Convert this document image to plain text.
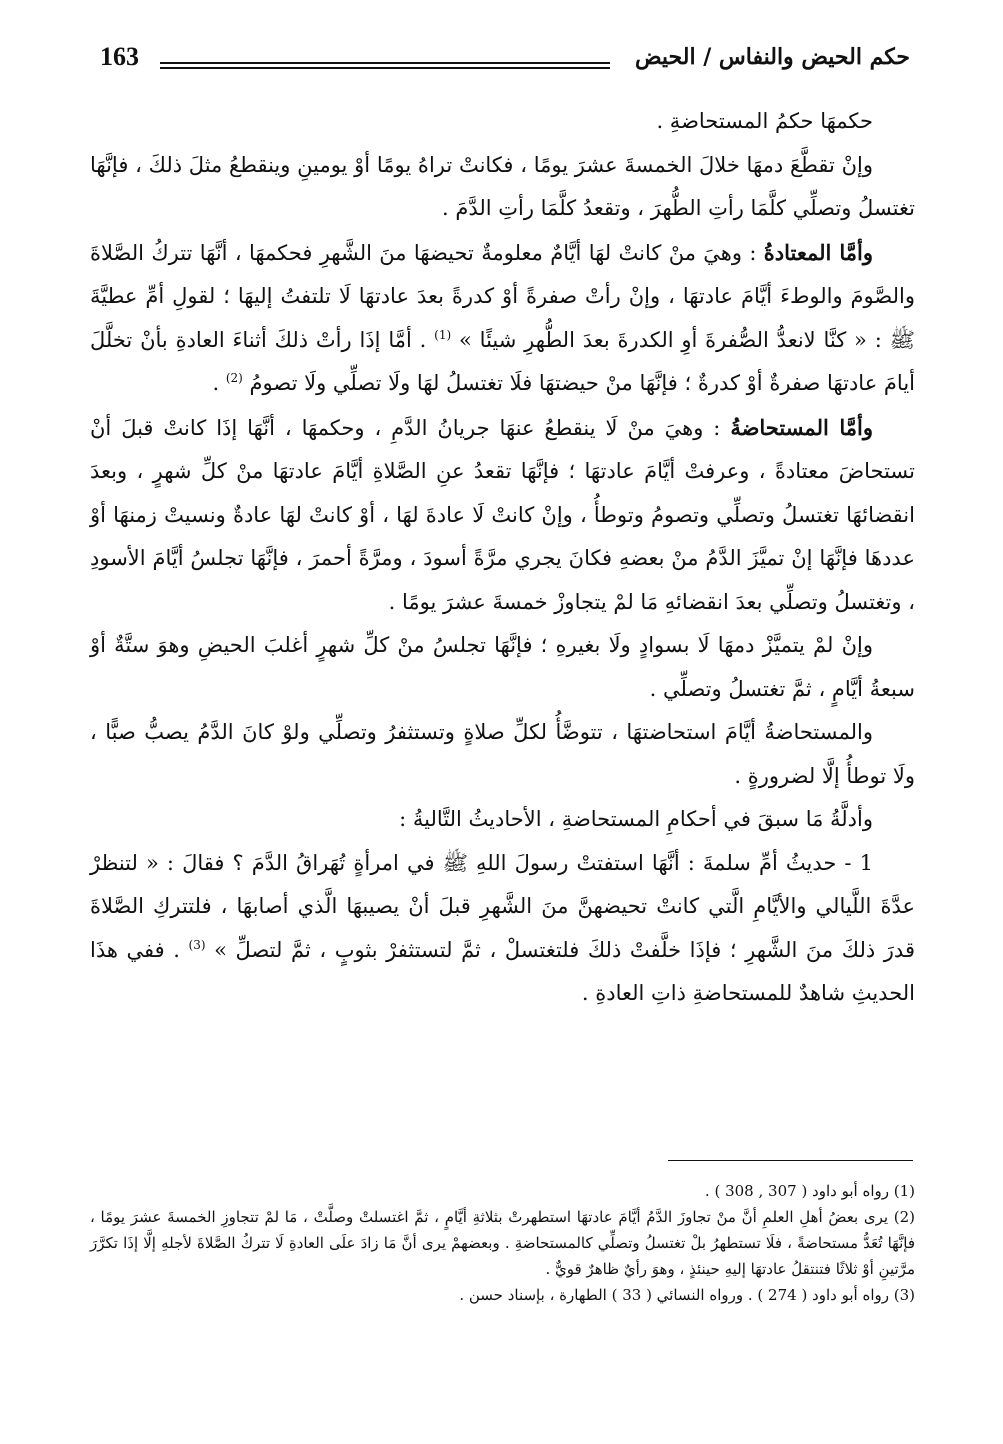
حكم الحيض والنفاس / الحيض
163

حكمهَا حكمُ المستحاضةِ .

وإنْ تقطَّعَ دمهَا خلالَ الخمسةَ عشرَ يومًا ، فكانتْ تراهُ يومًا أوْ يومينِ وينقطعُ مثلَ ذلكَ ، فإنَّهَا تغتسلُ وتصلِّي كلَّمَا رأتِ الطُّهرَ ، وتقعدُ كلَّمَا رأتِ الدَّمَ .

وأمَّا المعتادةُ : وهيَ منْ كانتْ لهَا أيَّامٌ معلومةٌ تحيضهَا منَ الشَّهرِ فحكمهَا ، أنَّهَا تتركُ الصَّلاةَ والصَّومَ والوطءَ أيَّامَ عادتهَا ، وإنْ رأتْ صفرةً أوْ كدرةً بعدَ عادتهَا لَا تلتفتُ إليهَا ؛ لقولِ أمِّ عطيَّةَ ﷺ : « كنَّا لانعدُّ الصُّفرةَ أوِ الكدرةَ بعدَ الطُّهرِ شيئًا » $^{(1)}$ . أمَّا إذَا رأتْ ذلكَ أثناءَ العادةِ بأنْ تخلَّلَ أيامَ عادتهَا صفرةٌ أوْ كدرةٌ ؛ فإنَّهَا منْ حيضتهَا فلَا تغتسلُ لهَا ولَا تصلِّي ولَا تصومُ $^{(2)}$ .

وأمَّا المستحاضةُ : وهيَ منْ لَا ينقطعُ عنهَا جريانُ الدَّمِ ، وحكمهَا ، أنَّهَا إذَا كانتْ قبلَ أنْ تستحاضَ معتادةً ، وعرفتْ أيَّامَ عادتهَا ؛ فإنَّهَا تقعدُ عنِ الصَّلاةِ أيَّامَ عادتهَا منْ كلِّ شهرٍ ، وبعدَ انقضائهَا تغتسلُ وتصلِّي وتصومُ وتوطأُ ، وإنْ كانتْ لَا عادةَ لهَا ، أوْ كانتْ لهَا عادةٌ ونسيتْ زمنهَا أوْ عددهَا فإنَّهَا إنْ تميَّزَ الدَّمُ منْ بعضهِ فكانَ يجري مرَّةً أسودَ ، ومرَّةً أحمرَ ، فإنَّهَا تجلسُ أيَّامَ الأسودِ ، وتغتسلُ وتصلِّي بعدَ انقضائهِ مَا لمْ يتجاوزْ خمسةَ عشرَ يومًا .

وإنْ لمْ يتميَّزْ دمهَا لَا بسوادٍ ولَا بغيرهِ ؛ فإنَّهَا تجلسُ منْ كلِّ شهرٍ أغلبَ الحيضِ وهوَ ستَّةٌ أوْ سبعةُ أيَّامٍ ، ثمَّ تغتسلُ وتصلِّي .

والمستحاضةُ أيَّامَ استحاضتهَا ، تتوضَّأُ لكلِّ صلاةٍ وتستثفرُ وتصلِّي ولوْ كانَ الدَّمُ يصبُّ صبًّا ، ولَا توطأُ إلَّا لضرورةٍ .

وأدلَّةُ مَا سبقَ في أحكامِ المستحاضةِ ، الأحاديثُ التَّاليةُ :

1 - حديثُ أمِّ سلمةَ : أنَّهَا استفتتْ رسولَ اللهِ ﷺ في امرأةٍ تُهَراقُ الدَّمَ ؟ فقالَ : « لتنظرْ عدَّةَ اللَّيالي والأيَّامِ الَّتي كانتْ تحيضهنَّ منَ الشَّهرِ قبلَ أنْ يصيبهَا الَّذي أصابهَا ، فلتتركِ الصَّلاةَ قدرَ ذلكَ منَ الشَّهرِ ؛ فإذَا خلَّفتْ ذلكَ فلتغتسلْ ، ثمَّ لتستثفرْ بثوبٍ ، ثمَّ لتصلِّ » $^{(3)}$ . ففي هذَا الحديثِ شاهدٌ للمستحاضةِ ذاتِ العادةِ .

(1) رواه أبو داود ( 307 , 308 ) .

(2) يرى بعضُ أهلِ العلمِ أنَّ منْ تجاوزَ الدَّمُ أيَّامَ عادتهَا استطهرتْ بثلاثةِ أيَّامٍ ، ثمَّ اغتسلتْ وصلَّتْ ، مَا لمْ تتجاوزِ الخمسةَ عشرَ يومًا ، فإنَّهَا تُعَدُّ مستحاضةً ، فلَا تستطهرُ بلْ تغتسلُ وتصلِّي كالمستحاضةِ . وبعضهمْ يرى أنَّ مَا زادَ علَى العادةِ لَا تتركُ الصَّلاةَ لأجلهِ إلَّا إذَا تكرَّرَ مرَّتينِ أوْ ثلاثًا فتنتقلُ عادتهَا إليهِ حينئذٍ ، وهوَ رأيٌ ظاهرٌ قويٌّ .

(3) رواه أبو داود ( 274 ) . ورواه النسائي ( 33 ) الطهارة ، بإسناد حسن .
